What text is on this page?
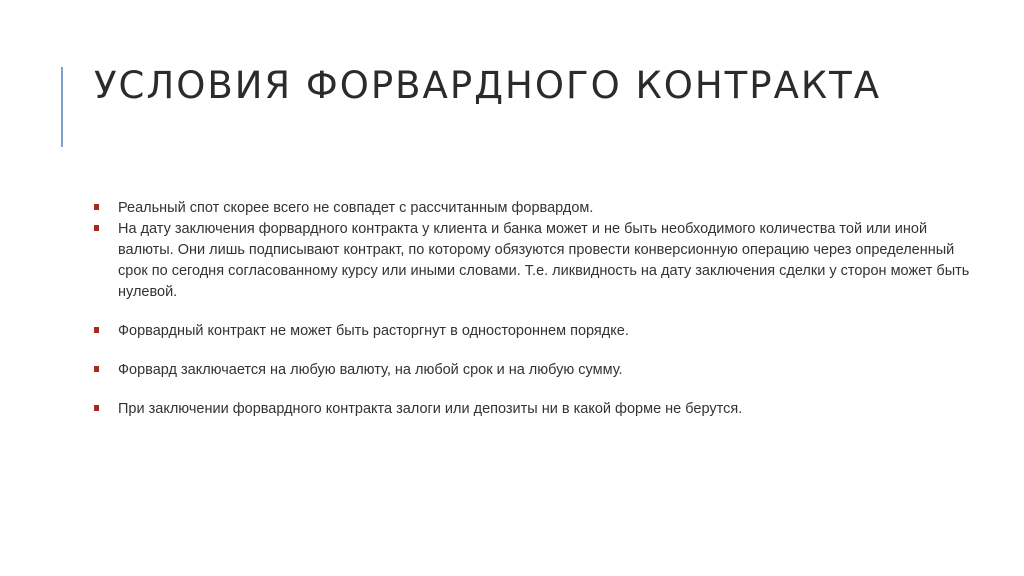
УСЛОВИЯ ФОРВАРДНОГО КОНТРАКТА
Реальный спот скорее всего не совпадет с рассчитанным форвардом.
На дату заключения форвардного контракта у клиента и банка может и не быть необходимого количества той или иной валюты. Они лишь подписывают контракт, по которому обязуются провести конверсионную операцию через определенный срок по сегодня согласованному курсу или иными словами. Т.е. ликвидность на дату заключения сделки у сторон может быть нулевой.
Форвардный контракт не может быть расторгнут в одностороннем порядке.
Форвард заключается на любую валюту, на любой срок и на любую сумму.
При заключении форвардного контракта залоги или депозиты ни в какой форме не берутся.
